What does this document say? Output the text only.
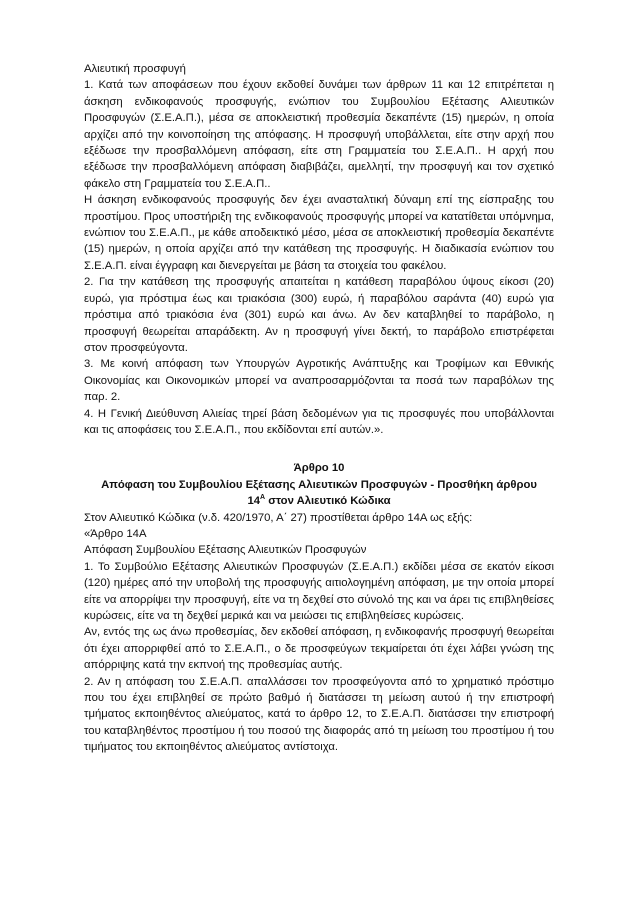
Αλιευτική προσφυγή

1. Κατά των αποφάσεων που έχουν εκδοθεί δυνάμει των άρθρων 11 και 12 επιτρέπεται η άσκηση ενδικοφανούς προσφυγής, ενώπιον του Συμβουλίου Εξέτασης Αλιευτικών Προσφυγών (Σ.Ε.Α.Π.), μέσα σε αποκλειστική προθεσμία δεκαπέντε (15) ημερών, η οποία αρχίζει από την κοινοποίηση της απόφασης. Η προσφυγή υποβάλλεται, είτε στην αρχή που εξέδωσε την προσβαλλόμενη απόφαση, είτε στη Γραμματεία του Σ.Ε.Α.Π.. Η αρχή που εξέδωσε την προσβαλλόμενη απόφαση διαβιβάζει, αμελλητί, την προσφυγή και τον σχετικό φάκελο στη Γραμματεία του Σ.Ε.Α.Π..

Η άσκηση ενδικοφανούς προσφυγής δεν έχει ανασταλτική δύναμη επί της είσπραξης του προστίμου. Προς υποστήριξη της ενδικοφανούς προσφυγής μπορεί να κατατίθεται υπόμνημα, ενώπιον του Σ.Ε.Α.Π., με κάθε αποδεικτικό μέσο, μέσα σε αποκλειστική προθεσμία δεκαπέντε (15) ημερών, η οποία αρχίζει από την κατάθεση της προσφυγής. Η διαδικασία ενώπιον του Σ.Ε.Α.Π. είναι έγγραφη και διενεργείται με βάση τα στοιχεία του φακέλου.

2. Για την κατάθεση της προσφυγής απαιτείται η κατάθεση παραβόλου ύψους είκοσι (20) ευρώ, για πρόστιμα έως και τριακόσια (300) ευρώ, ή παραβόλου σαράντα (40) ευρώ για πρόστιμα από τριακόσια ένα (301) ευρώ και άνω. Αν δεν καταβληθεί το παράβολο, η προσφυγή θεωρείται απαράδεκτη. Αν η προσφυγή γίνει δεκτή, το παράβολο επιστρέφεται στον προσφεύγοντα.

3. Με κοινή απόφαση των Υπουργών Αγροτικής Ανάπτυξης και Τροφίμων και Εθνικής Οικονομίας και Οικονομικών μπορεί να αναπροσαρμόζονται τα ποσά των παραβόλων της παρ. 2.

4. Η Γενική Διεύθυνση Αλιείας τηρεί βάση δεδομένων για τις προσφυγές που υποβάλλονται και τις αποφάσεις του Σ.Ε.Α.Π., που εκδίδονται επί αυτών.».

Άρθρο 10

Απόφαση του Συμβουλίου Εξέτασης Αλιευτικών Προσφυγών - Προσθήκη άρθρου
$14^A$ στον Αλιευτικό Κώδικα

Στον Αλιευτικό Κώδικα (ν.δ. 420/1970, Α΄ 27) προστίθεται άρθρο 14Α ως εξής:

«Άρθρο 14Α

Απόφαση Συμβουλίου Εξέτασης Αλιευτικών Προσφυγών

1. Το Συμβούλιο Εξέτασης Αλιευτικών Προσφυγών (Σ.Ε.Α.Π.) εκδίδει μέσα σε εκατόν είκοσι (120) ημέρες από την υποβολή της προσφυγής αιτιολογημένη απόφαση, με την οποία μπορεί είτε να απορρίψει την προσφυγή, είτε να τη δεχθεί στο σύνολό της και να άρει τις επιβληθείσες κυρώσεις, είτε να τη δεχθεί μερικά και να μειώσει τις επιβληθείσες κυρώσεις.

Αν, εντός της ως άνω προθεσμίας, δεν εκδοθεί απόφαση, η ενδικοφανής προσφυγή θεωρείται ότι έχει απορριφθεί από το Σ.Ε.Α.Π., ο δε προσφεύγων τεκμαίρεται ότι έχει λάβει γνώση της απόρριψης κατά την εκπνοή της προθεσμίας αυτής.

2. Αν η απόφαση του Σ.Ε.Α.Π. απαλλάσσει τον προσφεύγοντα από το χρηματικό πρόστιμο που του έχει επιβληθεί σε πρώτο βαθμό ή διατάσσει τη μείωση αυτού ή την επιστροφή τμήματος εκποιηθέντος αλιεύματος, κατά το άρθρο 12, το Σ.Ε.Α.Π. διατάσσει την επιστροφή του καταβληθέντος προστίμου ή του ποσού της διαφοράς από τη μείωση του προστίμου ή του τιμήματος του εκποιηθέντος αλιεύματος αντίστοιχα.
